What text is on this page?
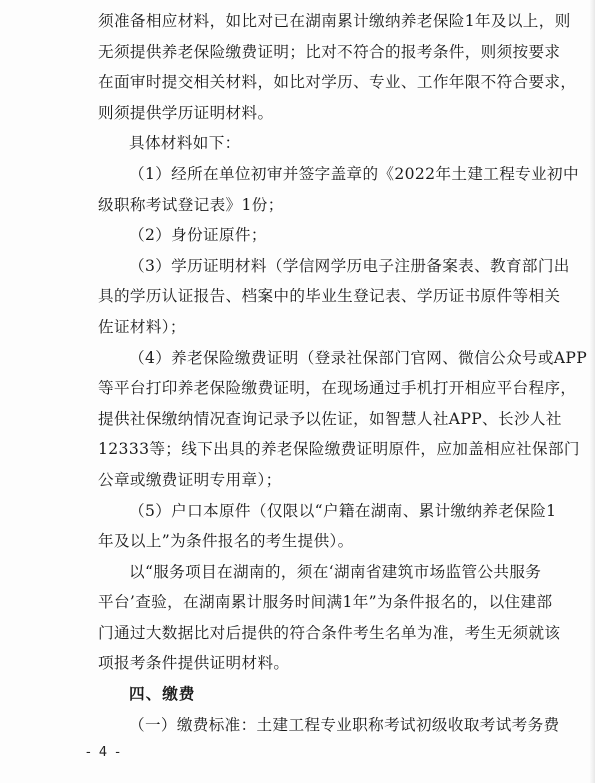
须准备相应材料，如比对已在湖南累计缴纳养老保险1年及以上，则
无须提供养老保险缴费证明；比对不符合的报考条件，则须按要求
在面审时提交相关材料，如比对学历、专业、工作年限不符合要求，
则须提供学历证明材料。
具体材料如下：
（1）经所在单位初审并签字盖章的《2022年土建工程专业初中
级职称考试登记表》1份；
（2）身份证原件；
（3）学历证明材料（学信网学历电子注册备案表、教育部门出
具的学历认证报告、档案中的毕业生登记表、学历证书原件等相关
佐证材料）；
（4）养老保险缴费证明（登录社保部门官网、微信公众号或APP
等平台打印养老保险缴费证明，在现场通过手机打开相应平台程序，
提供社保缴纳情况查询记录予以佐证，如智慧人社APP、长沙人社
12333等；线下出具的养老保险缴费证明原件，应加盖相应社保部门
公章或缴费证明专用章）；
（5）户口本原件（仅限以“户籍在湖南、累计缴纳养老保险1
年及以上”为条件报名的考生提供）。
以“服务项目在湖南的，须在‘湖南省建筑市场监管公共服务
平台’查验，在湖南累计服务时间满1年”为条件报名的，以住建部
门通过大数据比对后提供的符合条件考生名单为准，考生无须就该
项报考条件提供证明材料。
四、缴费
（一）缴费标准：土建工程专业职称考试初级收取考试考务费
- 4 -
